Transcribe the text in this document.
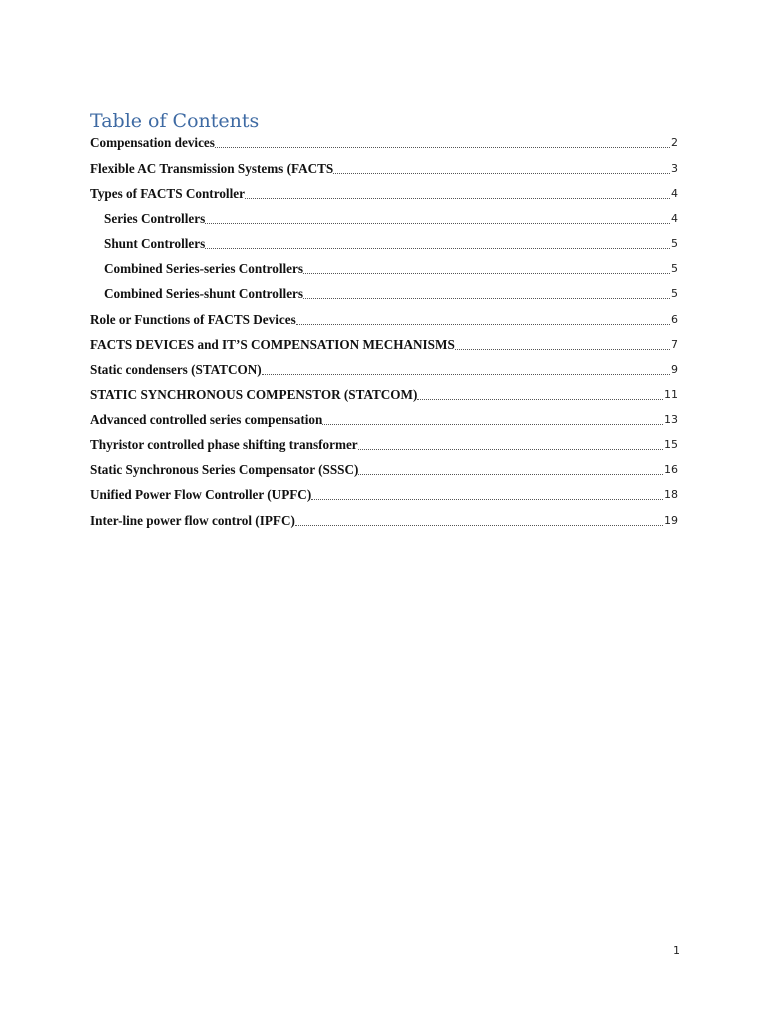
Table of Contents
Compensation devices	2
Flexible AC Transmission Systems (FACTS	3
Types of FACTS Controller	4
Series Controllers	4
Shunt Controllers	5
Combined Series-series Controllers	5
Combined Series-shunt Controllers	5
Role or Functions of FACTS Devices	6
FACTS DEVICES and IT’S COMPENSATION MECHANISMS	7
Static condensers (STATCON)	9
STATIC SYNCHRONOUS COMPENSTOR (STATCOM)	11
Advanced controlled series compensation	13
Thyristor controlled phase shifting transformer	15
Static Synchronous Series Compensator (SSSC)	16
Unified Power Flow Controller (UPFC)	18
Inter-line power flow control (IPFC)	19
1
